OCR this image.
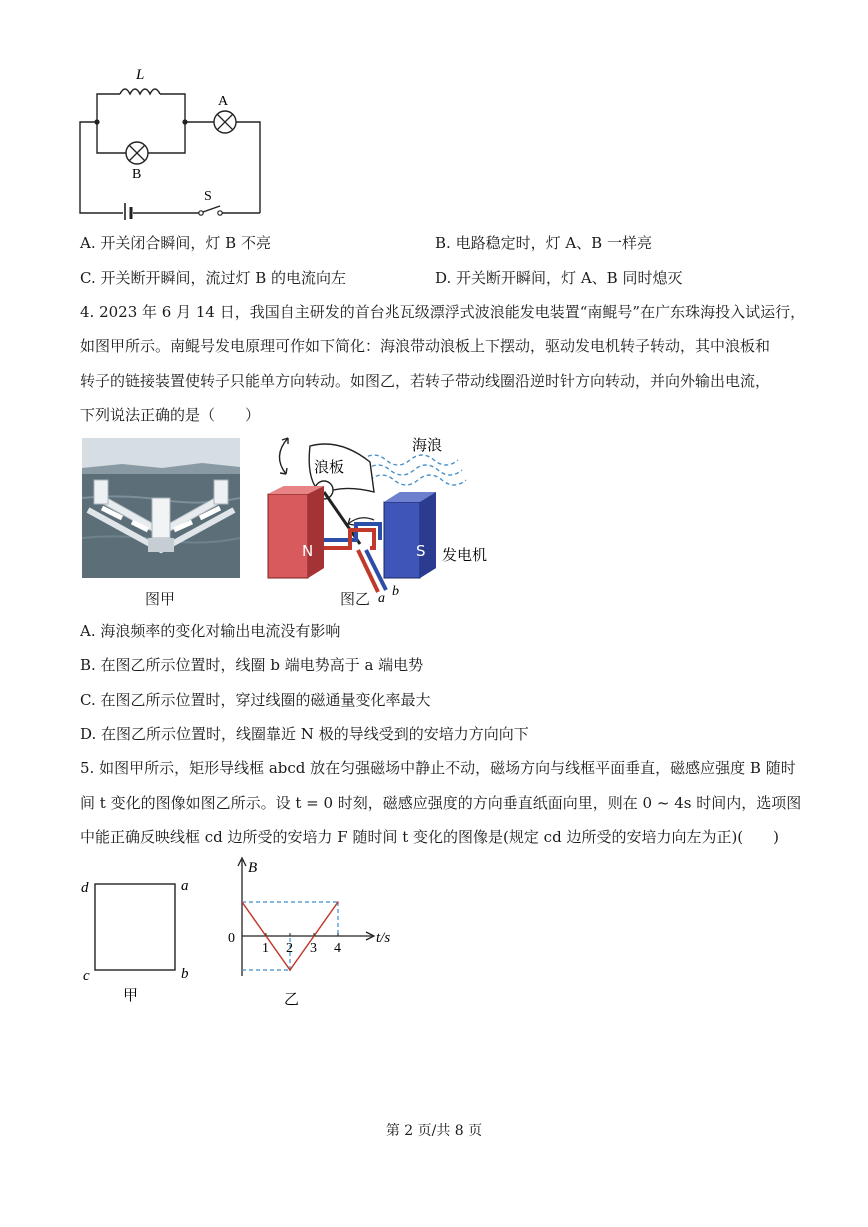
L
A
B
S
A. 开关闭合瞬间，灯 B 不亮	B. 电路稳定时，灯 A、B 一样亮
C. 开关断开瞬间，流过灯 B 的电流向左	D. 开关断开瞬间，灯 A、B 同时熄灭
4. 2023 年 6 月 14 日，我国自主研发的首台兆瓦级漂浮式波浪能发电装置“南鲲号”在广东珠海投入试运行，
如图甲所示。南鲲号发电原理可作如下简化：海浪带动浪板上下摆动，驱动发电机转子转动，其中浪板和
转子的链接装置使转子只能单方向转动。如图乙，若转子带动线圈沿逆时针方向转动，并向外输出电流，
下列说法正确的是（　　）
图甲
浪板
海浪
N	S 发电机
a b
图乙
A. 海浪频率的变化对输出电流没有影响
B. 在图乙所示位置时，线圈 b 端电势高于 a 端电势
C. 在图乙所示位置时，穿过线圈的磁通量变化率最大
D. 在图乙所示位置时，线圈靠近 N 极的导线受到的安培力方向向下
5. 如图甲所示，矩形导线框 abcd 放在匀强磁场中静止不动，磁场方向与线框平面垂直，磁感应强度 B 随时
间 t 变化的图像如图乙所示。设 t = 0 时刻，磁感应强度的方向垂直纸面向里，则在 0 ~ 4s 时间内，选项图
中能正确反映线框 cd 边所受的安培力 F 随时间 t 变化的图像是(规定 cd 边所受的安培力向左为正)(　　)
d	a
c	b
甲
1 2 3 4
B
0	t/s
乙
第 2 页/共 8 页
